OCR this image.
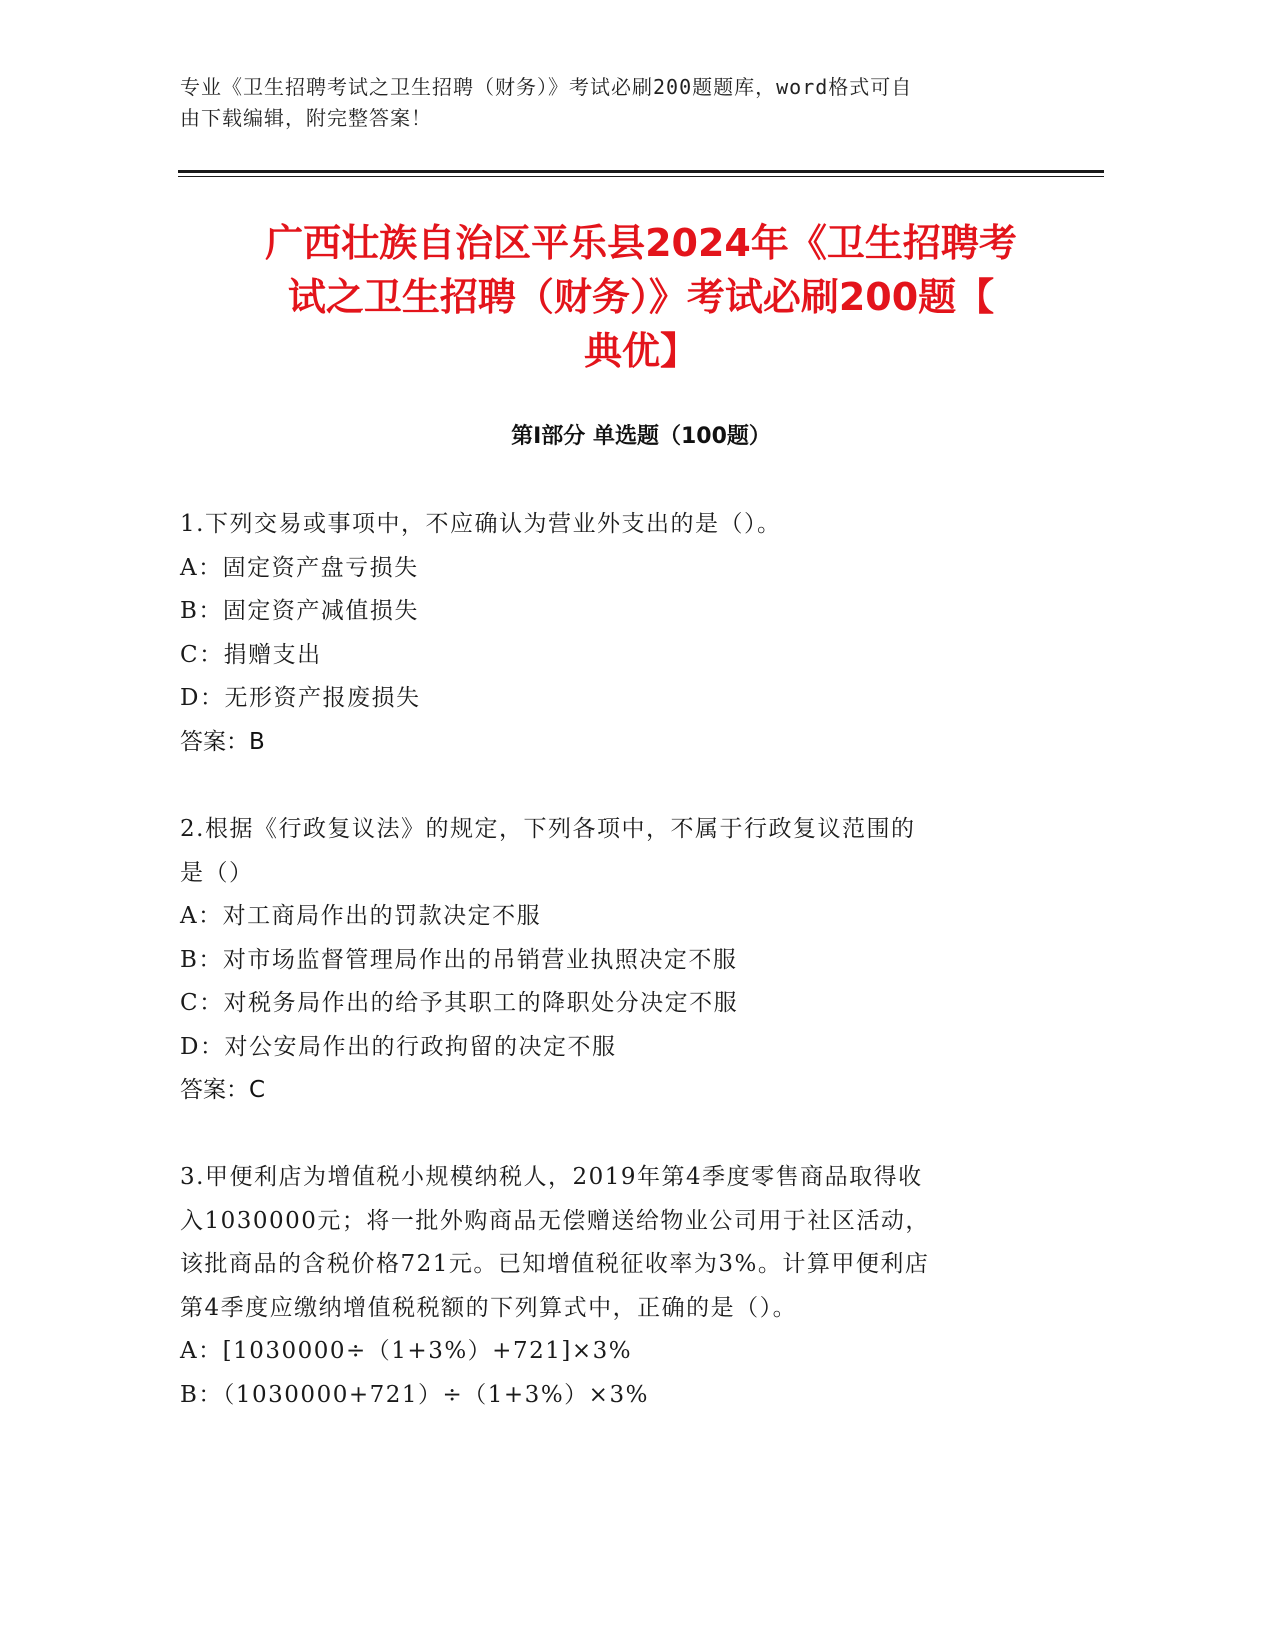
专业《卫生招聘考试之卫生招聘（财务）》考试必刷200题题库，word格式可自
由下载编辑，附完整答案！
广西壮族自治区平乐县2024年《卫生招聘考
试之卫生招聘（财务）》考试必刷200题【
典优】
第Ⅰ部分 单选题（100题）
1.下列交易或事项中，不应确认为营业外支出的是（）。
A：固定资产盘亏损失
B：固定资产减值损失
C：捐赠支出
D：无形资产报废损失
答案：B
2.根据《行政复议法》的规定，下列各项中，不属于行政复议范围的
是（）
A：对工商局作出的罚款决定不服
B：对市场监督管理局作出的吊销营业执照决定不服
C：对税务局作出的给予其职工的降职处分决定不服
D：对公安局作出的行政拘留的决定不服
答案：C
3.甲便利店为增值税小规模纳税人，2019年第4季度零售商品取得收
入1030000元；将一批外购商品无偿赠送给物业公司用于社区活动，
该批商品的含税价格721元。已知增值税征收率为3%。计算甲便利店
第4季度应缴纳增值税税额的下列算式中，正确的是（）。
A：[1030000÷（1+3%）+721]×3%
B：（1030000+721）÷（1+3%）×3%
